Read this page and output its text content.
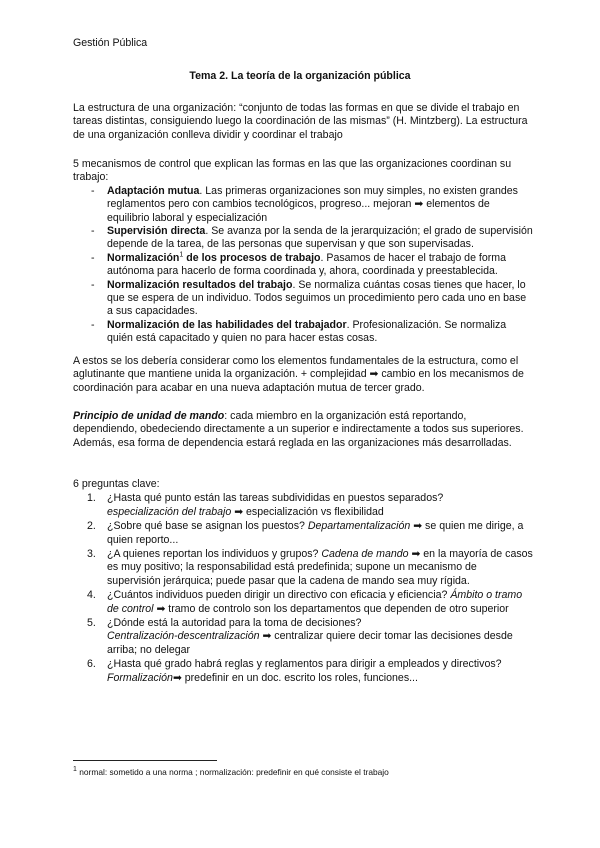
Gestión Pública
Tema 2. La teoría de la organización pública
La estructura de una organización: “conjunto de todas las formas en que se divide el trabajo en tareas distintas, consiguiendo luego la coordinación de las mismas” (H. Mintzberg). La estructura de una organización conlleva dividir y coordinar el trabajo
5 mecanismos de control que explican las formas en las que las organizaciones coordinan su trabajo:
- Adaptación mutua. Las primeras organizaciones son muy simples, no existen grandes reglamentos pero con cambios tecnológicos, progreso... mejoran ➡ elementos de equilibrio laboral y especialización
- Supervisión directa. Se avanza por la senda de la jerarquización; el grado de supervisión depende de la tarea, de las personas que supervisan y que son supervisadas.
- Normalización$^1$ de los procesos de trabajo. Pasamos de hacer el trabajo de forma autónoma para hacerlo de forma coordinada y, ahora, coordinada y preestablecida.
- Normalización resultados del trabajo. Se normaliza cuántas cosas tienes que hacer, lo que se espera de un individuo. Todos seguimos un procedimiento pero cada uno en base a sus capacidades.
- Normalización de las habilidades del trabajador. Profesionalización. Se normaliza quién está capacitado y quien no para hacer estas cosas.
A estos se los debería considerar como los elementos fundamentales de la estructura, como el aglutinante que mantiene unida la organización. + complejidad ➡ cambio en los mecanismos de coordinación para acabar en una nueva adaptación mutua de tercer grado.
Principio de unidad de mando: cada miembro en la organización está reportando, dependiendo, obedeciendo directamente a un superior e indirectamente a todos sus superiores. Además, esa forma de dependencia estará reglada en las organizaciones más desarrolladas.
6 preguntas clave:
1. ¿Hasta qué punto están las tareas subdivididas en puestos separados?
especialización del trabajo ➡ especialización vs flexibilidad
2. ¿Sobre qué base se asignan los puestos? Departamentalización ➡ se quien me dirige, a quien reporto...
3. ¿A quienes reportan los individuos y grupos? Cadena de mando ➡ en la mayoría de casos es muy positivo; la responsabilidad está predefinida; supone un mecanismo de supervisión jerárquica; puede pasar que la cadena de mando sea muy rígida.
4. ¿Cuántos individuos pueden dirigir un directivo con eficacia y eficiencia? Ámbito o tramo de control ➡ tramo de controlo son los departamentos que dependen de otro superior
5. ¿Dónde está la autoridad para la toma de decisiones?
Centralización-descentralización ➡ centralizar quiere decir tomar las decisiones desde arriba; no delegar
6. ¿Hasta qué grado habrá reglas y reglamentos para dirigir a empleados y directivos?
Formalización➡ predefinir en un doc. escrito los roles, funciones...
$^1$ normal: sometido a una norma ; normalización: predefinir en qué consiste el trabajo
